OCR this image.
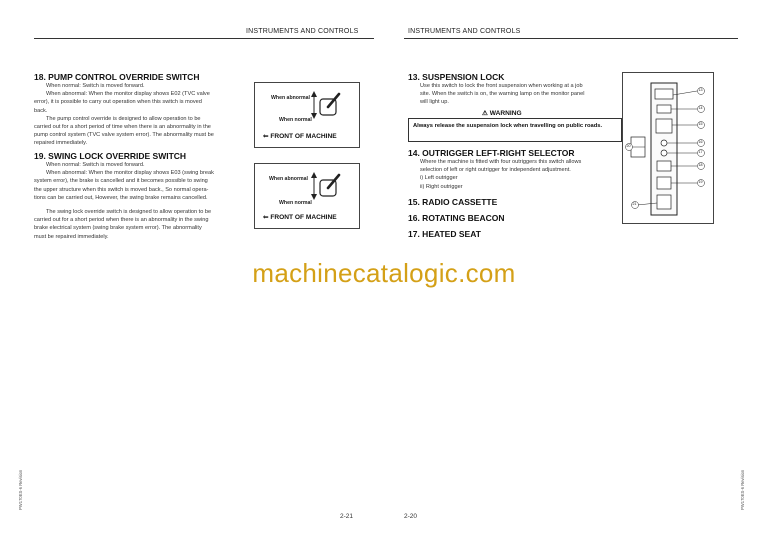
INSTRUMENTS AND CONTROLS
18. PUMP CONTROL OVERRIDE SWITCH

When normal: Switch is moved forward.

When abnormal: When the monitor display shows E02 (TVC valve

error), it is possible to carry out operation when this switch is moved

back.

The pump control override is designed to allow operation to be

carried out for a short period of time when there is an abnormality in the

pump control system (TVC valve system error). The abnormality must be

repaired immediately.

When abnormal
When normal
⇐ FRONT OF MACHINE
19. SWING LOCK OVERRIDE SWITCH

When normal: Switch is moved forward.

When abnormal: When the monitor display shows E03 (swing break

system error), the brake is cancelled and it becomes possible to swing

the upper structure when this switch is moved back., So normal opera-

tions can be carried out, However, the swing brake remains cancelled.

The swing lock override switch is designed to allow operation to be

carried out for a short period when there is an abnormality in the swing

brake electrical system (swing brake system error). The abnormality

must be repaired immediately.

When abnormal
When normal
⇐ FRONT OF MACHINE
2-21
PW170ES-6 Revision
INSTRUMENTS AND CONTROLS
13. SUSPENSION LOCK

Use this switch to lock the front suspension when working at a job

site. When the switch is on, the warning lamp on the monitor panel

will light up.

⚠ WARNING
Always release the suspension lock when travelling on public roads.
14. OUTRIGGER LEFT-RIGHT SELECTOR

Where the machine is fitted with four outriggers this switch allows

selection of left or right outrigger for independent adjustment.

i) Left outrigger

ii) Right outrigger

15. RADIO CASSETTE
16. ROTATING BEACON
17. HEATED SEAT
13
14
15
16
17
18
19
20
21
2-20
PW170ES-6 Revision
machinecatalogic.com
